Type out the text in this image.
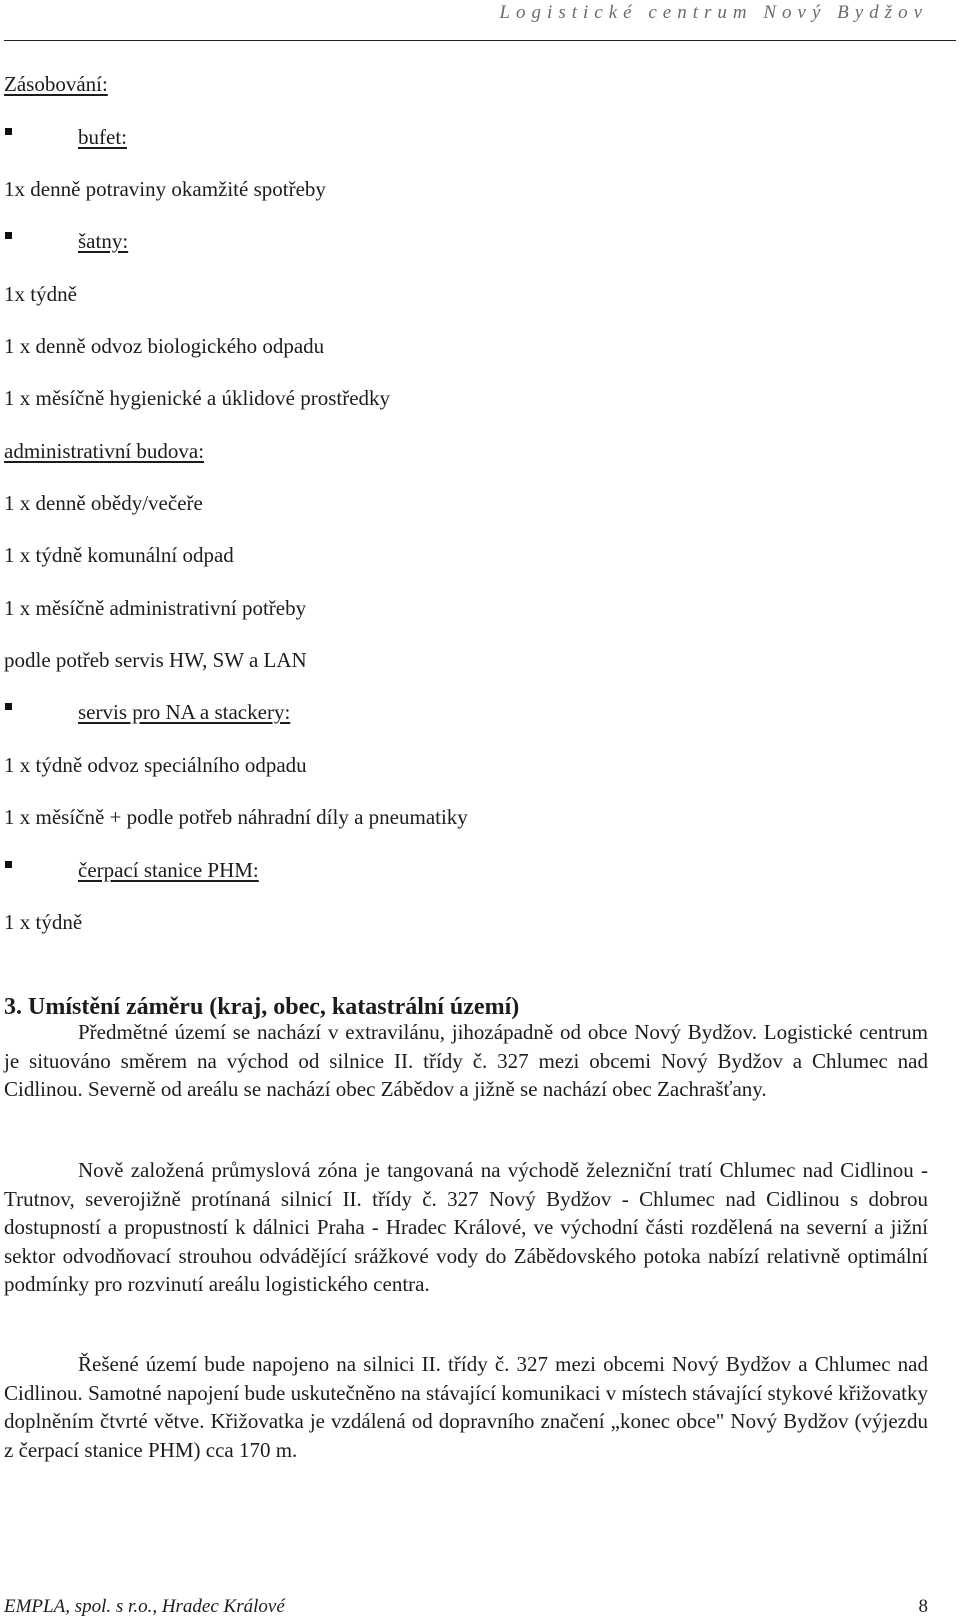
Logistické centrum Nový Bydžov
Zásobování:
bufet:
1x denně potraviny okamžité spotřeby
šatny:
1x týdně
1 x denně odvoz biologického odpadu
1 x měsíčně hygienické a úklidové prostředky
administrativní budova:
1 x denně obědy/večeře
1 x týdně komunální odpad
1 x měsíčně administrativní potřeby
podle potřeb servis HW, SW a LAN
servis pro NA a stackery:
1 x týdně odvoz speciálního odpadu
1 x měsíčně + podle potřeb náhradní díly a pneumatiky
čerpací stanice PHM:
1 x týdně
3. Umístění záměru (kraj, obec, katastrální území)
Předmětné území se nachází v extravilánu, jihozápadně od obce Nový Bydžov. Logistické centrum je situováno směrem na východ od silnice II. třídy č. 327 mezi obcemi Nový Bydžov a Chlumec nad Cidlinou. Severně od areálu se nachází obec Zábědov a jižně se nachází obec Zachrašťany.
Nově založená průmyslová zóna je tangovaná na východě železniční tratí Chlumec nad Cidlinou - Trutnov, severojižně protínaná silnicí II. třídy č. 327 Nový Bydžov - Chlumec nad Cidlinou s dobrou dostupností a propustností k dálnici Praha - Hradec Králové, ve východní části rozdělená na severní a jižní sektor odvodňovací strouhou odvádějící srážkové vody do Zábědovského potoka nabízí relativně optimální podmínky pro rozvinutí areálu logistického centra.
Řešené území bude napojeno na silnici II. třídy č. 327 mezi obcemi Nový Bydžov a Chlumec nad Cidlinou. Samotné napojení bude uskutečněno na stávající komunikaci v místech stávající stykové křižovatky doplněním čtvrté větve. Křižovatka je vzdálená od dopravního značení „konec obce" Nový Bydžov (výjezdu z čerpací stanice PHM) cca 170 m.
EMPLA, spol. s r.o., Hradec Králové	8
